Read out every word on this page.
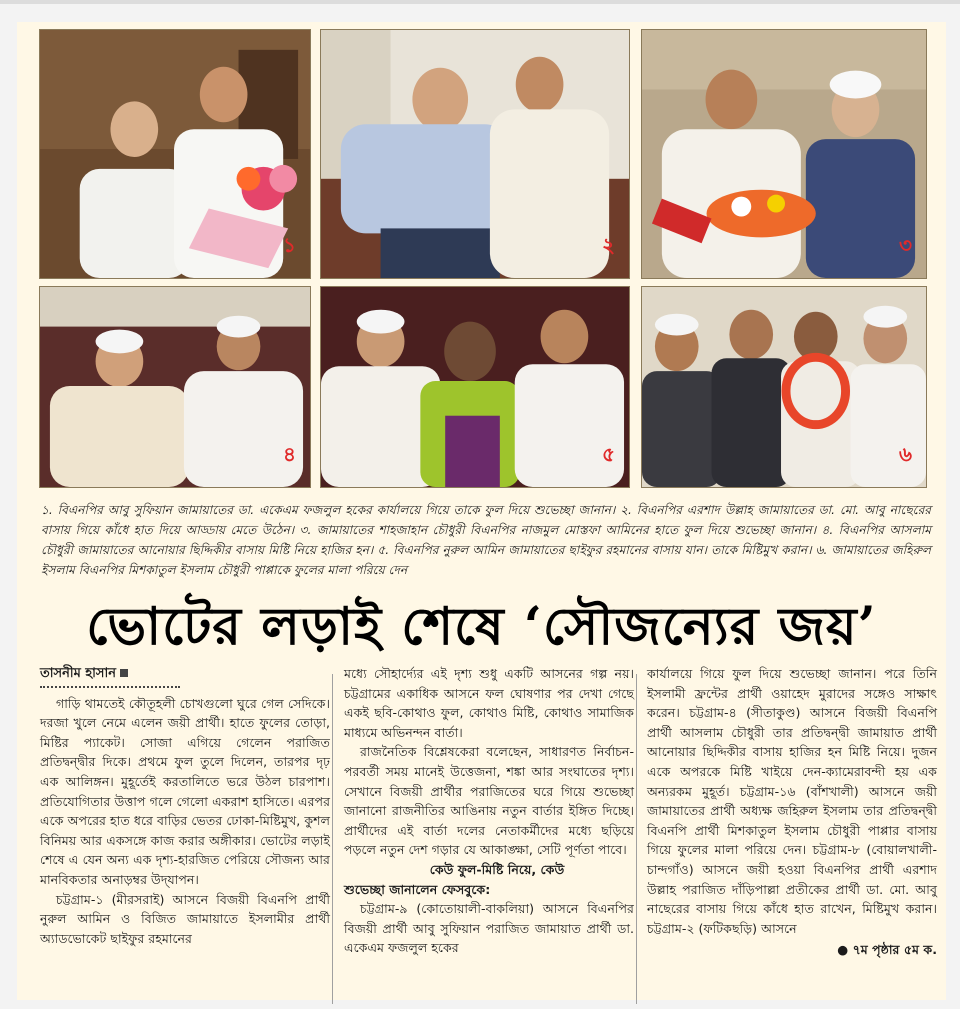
১	২	৩
৪	৫	৬
১. বিএনপির আবু সুফিয়ান জামায়াতের ডা. একেএম ফজলুল হকের কার্যালয়ে গিয়ে তাকে ফুল দিয়ে শুভেচ্ছা জানান। ২. বিএনপির এরশাদ উল্লাহ জামায়াতের ডা. মো. আবু নাছেরের বাসায় গিয়ে কাঁধে হাত দিয়ে আড্ডায় মেতে উঠেন। ৩. জামায়াতের শাহজাহান চৌধুরী বিএনপির নাজমুল মোস্তফা আমিনের হাতে ফুল দিয়ে শুভেচ্ছা জানান। ৪. বিএনপির আসলাম চৌধুরী জামায়াতের আনোয়ার ছিদ্দিকীর বাসায় মিষ্টি নিয়ে হাজির হন। ৫. বিএনপির নুরুল আমিন জামায়াতের ছাইফুর রহমানের বাসায় যান। তাকে মিষ্টিমুখ করান। ৬. জামায়াতের জহিরুল ইসলাম বিএনপির মিশকাতুল ইসলাম চৌধুরী পাপ্পাকে ফুলের মালা পরিয়ে দেন
ভোটের লড়াই শেষে ‘সৌজন্যের জয়’
তাসনীম হাসান

গাড়ি থামতেই কৌতূহলী চোখগুলো ঘুরে গেল সেদিকে। দরজা খুলে নেমে এলেন জয়ী প্রার্থী। হাতে ফুলের তোড়া, মিষ্টির প্যাকেট। সোজা এগিয়ে গেলেন পরাজিত প্রতিদ্বন্দ্বীর দিকে। প্রথমে ফুল তুলে দিলেন, তারপর দৃঢ় এক আলিঙ্গন। মুহূর্তেই করতালিতে ভরে উঠল চারপাশ। প্রতিযোগিতার উত্তাপ গলে গেলো একরাশ হাসিতে। এরপর একে অপরের হাত ধরে বাড়ির ভেতর ঢোকা-মিষ্টিমুখ, কুশল বিনিময় আর একসঙ্গে কাজ করার অঙ্গীকার। ভোটের লড়াই শেষে এ যেন অন্য এক দৃশ্য-হারজিত পেরিয়ে সৌজন্য আর মানবিকতার অনাড়ম্বর উদ্‌যাপন।

চট্টগ্রাম-১ (মীরসরাই) আসনে বিজয়ী বিএনপি প্রার্থী নুরুল আমিন ও বিজিত জামায়াতে ইসলামীর প্রার্থী অ্যাডভোকেট ছাইফুর রহমানের

মধ্যে সৌহার্দ্যের এই দৃশ্য শুধু একটি আসনের গল্প নয়। চট্টগ্রামের একাধিক আসনে ফল ঘোষণার পর দেখা গেছে একই ছবি-কোথাও ফুল, কোথাও মিষ্টি, কোথাও সামাজিক মাধ্যমে অভিনন্দন বার্তা।

রাজনৈতিক বিশ্লেষকেরা বলেছেন, সাধারণত নির্বাচন-পরবর্তী সময় মানেই উত্তেজনা, শঙ্কা আর সংঘাতের দৃশ্য। সেখানে বিজয়ী প্রার্থীর পরাজিতের ঘরে গিয়ে শুভেচ্ছা জানানো রাজনীতির আঙিনায় নতুন বার্তার ইঙ্গিত দিচ্ছে। প্রার্থীদের এই বার্তা দলের নেতাকর্মীদের মধ্যে ছড়িয়ে পড়লে নতুন দেশ গড়ার যে আকাঙ্ক্ষা, সেটি পূর্ণতা পাবে।

কেউ ফুল-মিষ্টি নিয়ে, কেউ

শুভেচ্ছা জানালেন ফেসবুকে:

চট্টগ্রাম-৯ (কোতোয়ালী-বাকলিয়া) আসনে বিএনপির বিজয়ী প্রার্থী আবু সুফিয়ান পরাজিত জামায়াত প্রার্থী ডা. একেএম ফজলুল হকের

কার্যালয়ে গিয়ে ফুল দিয়ে শুভেচ্ছা জানান। পরে তিনি ইসলামী ফ্রন্টের প্রার্থী ওয়াহেদ মুরাদের সঙ্গেও সাক্ষাৎ করেন। চট্টগ্রাম-৪ (সীতাকুণ্ড) আসনে বিজয়ী বিএনপি প্রার্থী আসলাম চৌধুরী তার প্রতিদ্বন্দ্বী জামায়াত প্রার্থী আনোয়ার ছিদ্দিকীর বাসায় হাজির হন মিষ্টি নিয়ে। দুজন একে অপরকে মিষ্টি খাইয়ে দেন-ক্যামেরাবন্দী হয় এক অন্যরকম মুহূর্ত। চট্টগ্রাম-১৬ (বাঁশখালী) আসনে জয়ী জামায়াতের প্রার্থী অধ্যক্ষ জহিরুল ইসলাম তার প্রতিদ্বন্দ্বী বিএনপি প্রার্থী মিশকাতুল ইসলাম চৌধুরী পাপ্পার বাসায় গিয়ে ফুলের মালা পরিয়ে দেন। চট্টগ্রাম-৮ (বোয়ালখালী-চান্দগাঁও) আসনে জয়ী হওয়া বিএনপির প্রার্থী এরশাদ উল্লাহ পরাজিত দাঁড়িপাল্লা প্রতীকের প্রার্থী ডা. মো. আবু নাছেরের বাসায় গিয়ে কাঁধে হাত রাখেন, মিষ্টিমুখ করান। চট্টগ্রাম-২ (ফটিকছড়ি) আসনে

● ৭ম পৃষ্ঠার ৫ম ক.
